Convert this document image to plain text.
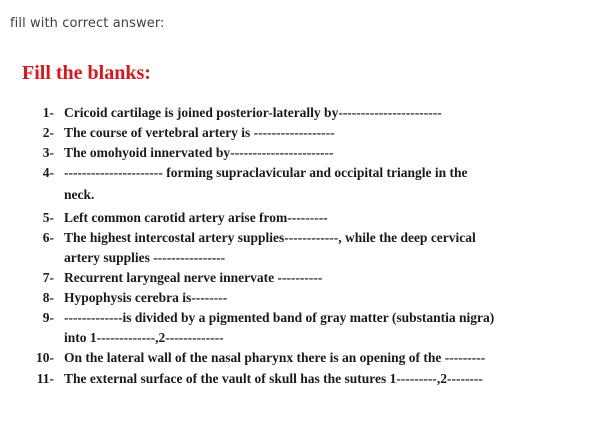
fill with correct answer:
Fill the blanks:
1- Cricoid cartilage is joined posterior-laterally by-----------------------
2- The course of vertebral artery is ------------------
3- The omohyoid innervated by-----------------------
4- ---------------------- forming supraclavicular and occipital triangle in the
neck.
5- Left common carotid artery arise from---------
6- The highest intercostal artery supplies------------, while the deep cervical
artery supplies ----------------
7- Recurrent laryngeal nerve innervate ----------
8- Hypophysis cerebra is--------
9- -------------is divided by a pigmented band of gray matter (substantia nigra)
into 1-------------,2-------------
10- On the lateral wall of the nasal pharynx there is an opening of the ---------
11- The external surface of the vault of skull has the sutures 1---------,2--------
